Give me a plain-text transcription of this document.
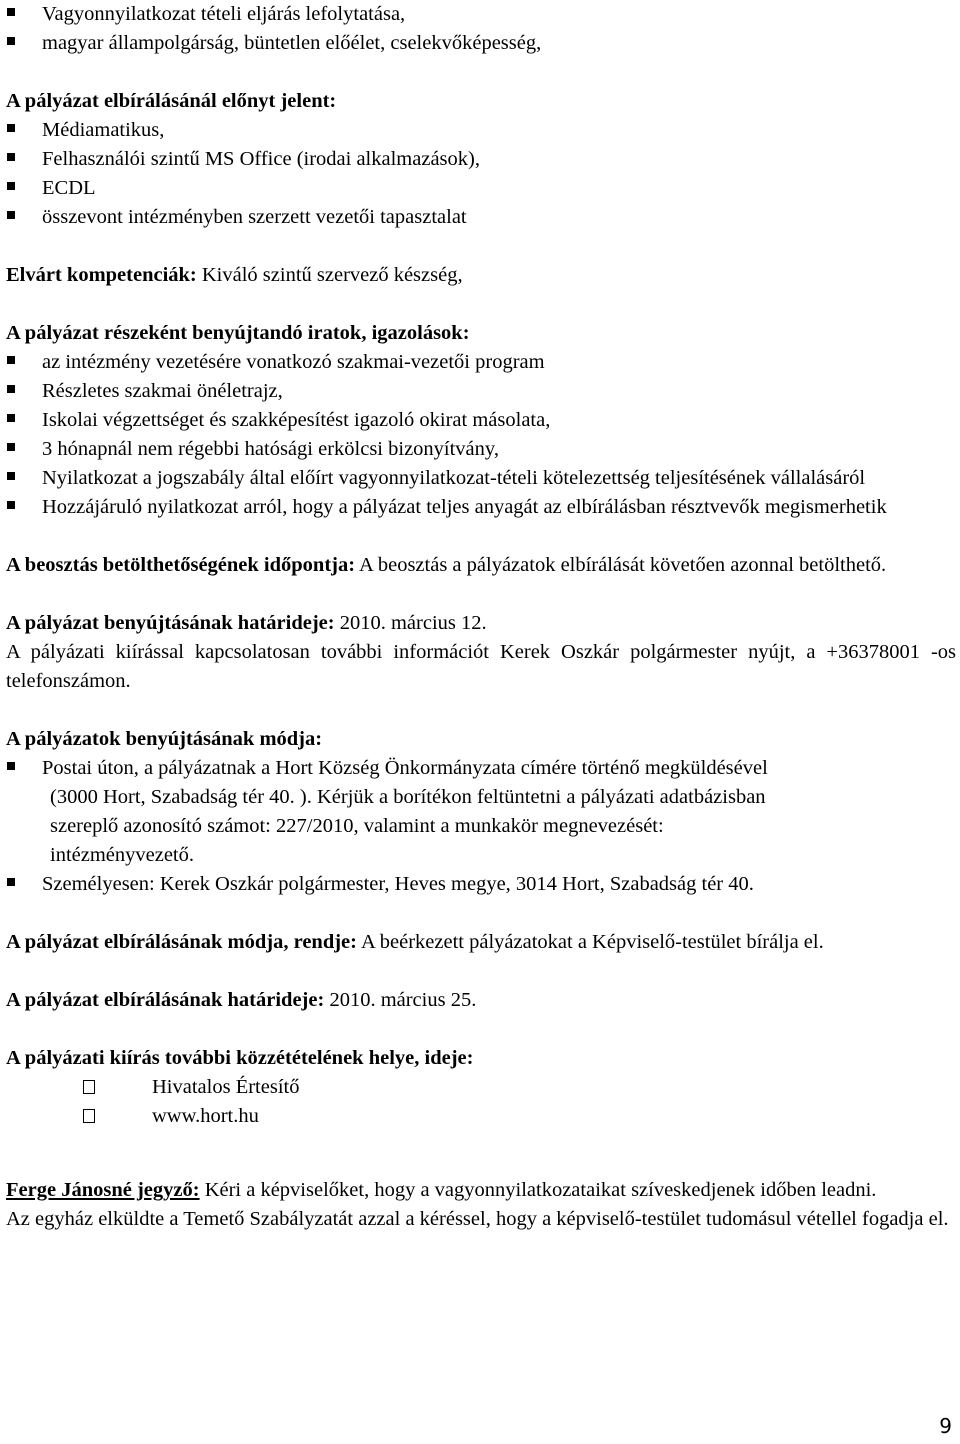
Vagyonnyilatkozat tételi eljárás lefolytatása,
magyar állampolgárság, büntetlen előélet, cselekvőképesség,
A pályázat elbírálásánál előnyt jelent:
Médiamatikus,
Felhasználói szintű MS Office (irodai alkalmazások),
ECDL
összevont intézményben szerzett vezetői tapasztalat
Elvárt kompetenciák: Kiváló szintű szervező készség,
A pályázat részeként benyújtandó iratok, igazolások:
az intézmény vezetésére vonatkozó szakmai-vezetői program
Részletes szakmai önéletrajz,
Iskolai végzettséget és szakképesítést igazoló okirat másolata,
3 hónapnál nem régebbi hatósági erkölcsi bizonyítvány,
Nyilatkozat a jogszabály által előírt vagyonnyilatkozat-tételi kötelezettség teljesítésének vállalásáról
Hozzájáruló nyilatkozat arról, hogy a pályázat teljes anyagát az elbírálásban résztvevők megismerhetik
A beosztás betölthetőségének időpontja: A beosztás a pályázatok elbírálását követően azonnal betölthető.
A pályázat benyújtásának határideje: 2010. március 12.
A pályázati kiírással kapcsolatosan további információt Kerek Oszkár polgármester nyújt, a +36378001 -os telefonszámon.
A pályázatok benyújtásának módja:
Postai úton, a pályázatnak a Hort Község Önkormányzata címére történő megküldésével
(3000 Hort, Szabadság tér 40. ). Kérjük a borítékon feltüntetni a pályázati adatbázisban
szereplő azonosító számot: 227/2010, valamint a munkakör megnevezését:
intézményvezető.
Személyesen: Kerek Oszkár polgármester, Heves megye, 3014 Hort, Szabadság tér 40.
A pályázat elbírálásának módja, rendje: A beérkezett pályázatokat a Képviselő-testület bírálja el.
A pályázat elbírálásának határideje: 2010. március 25.
A pályázati kiírás további közzétételének helye, ideje:
Hivatalos Értesítő
www.hort.hu
Ferge Jánosné jegyző: Kéri a képviselőket, hogy a vagyonnyilatkozataikat szíveskedjenek időben leadni.
Az egyház elküldte a Temető Szabályzatát azzal a kéréssel, hogy a képviselő-testület tudomásul vétellel fogadja el.
9
